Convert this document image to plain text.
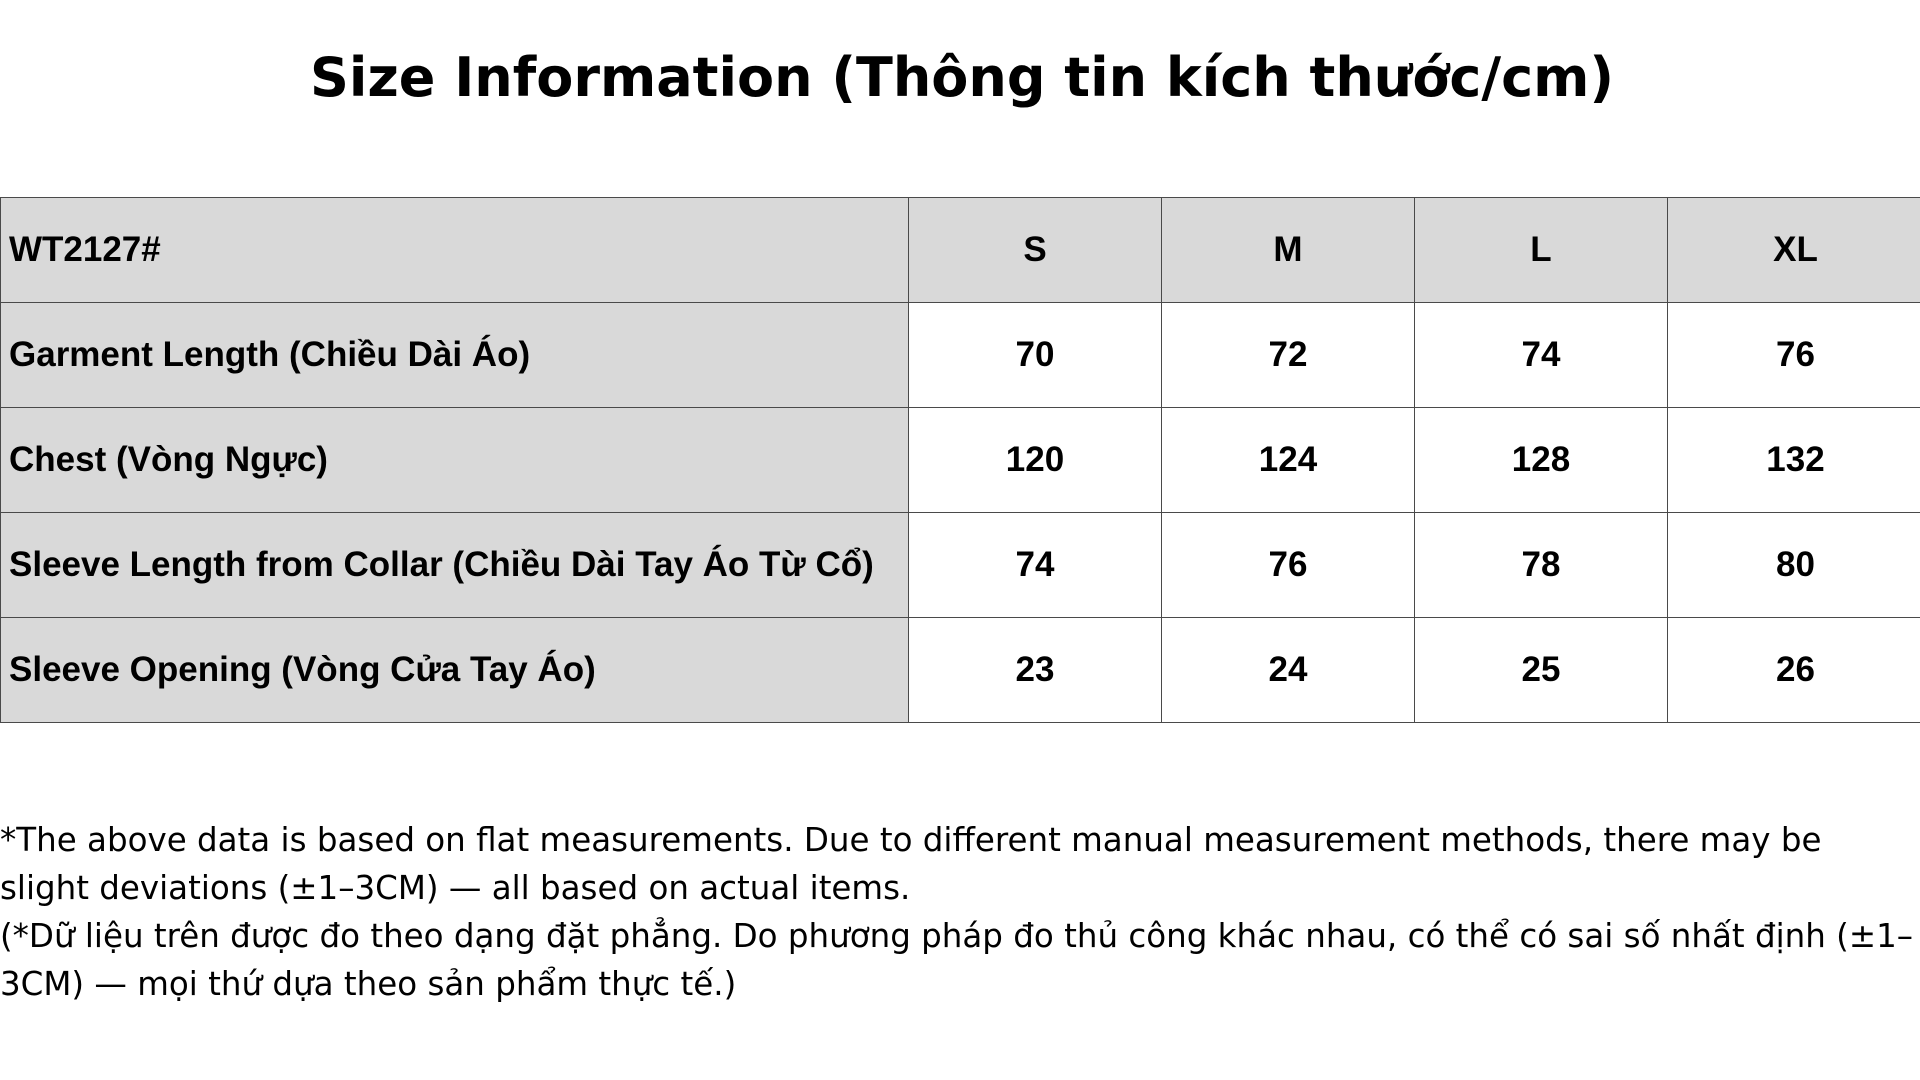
Size Information (Thông tin kích thước/cm)
WT2127#	S	M	L	XL
Garment Length (Chiều Dài Áo)	70	72	74	76
Chest (Vòng Ngực)	120	124	128	132
Sleeve Length from Collar (Chiều Dài Tay Áo Từ Cổ)	74	76	78	80
Sleeve Opening (Vòng Cửa Tay Áo)	23	24	25	26

*The above data is based on flat measurements. Due to different manual measurement methods, there may be slight deviations (±1–3CM) — all based on actual items.

(*Dữ liệu trên được đo theo dạng đặt phẳng. Do phương pháp đo thủ công khác nhau, có thể có sai số nhất định (±1–3CM) — mọi thứ dựa theo sản phẩm thực tế.)
